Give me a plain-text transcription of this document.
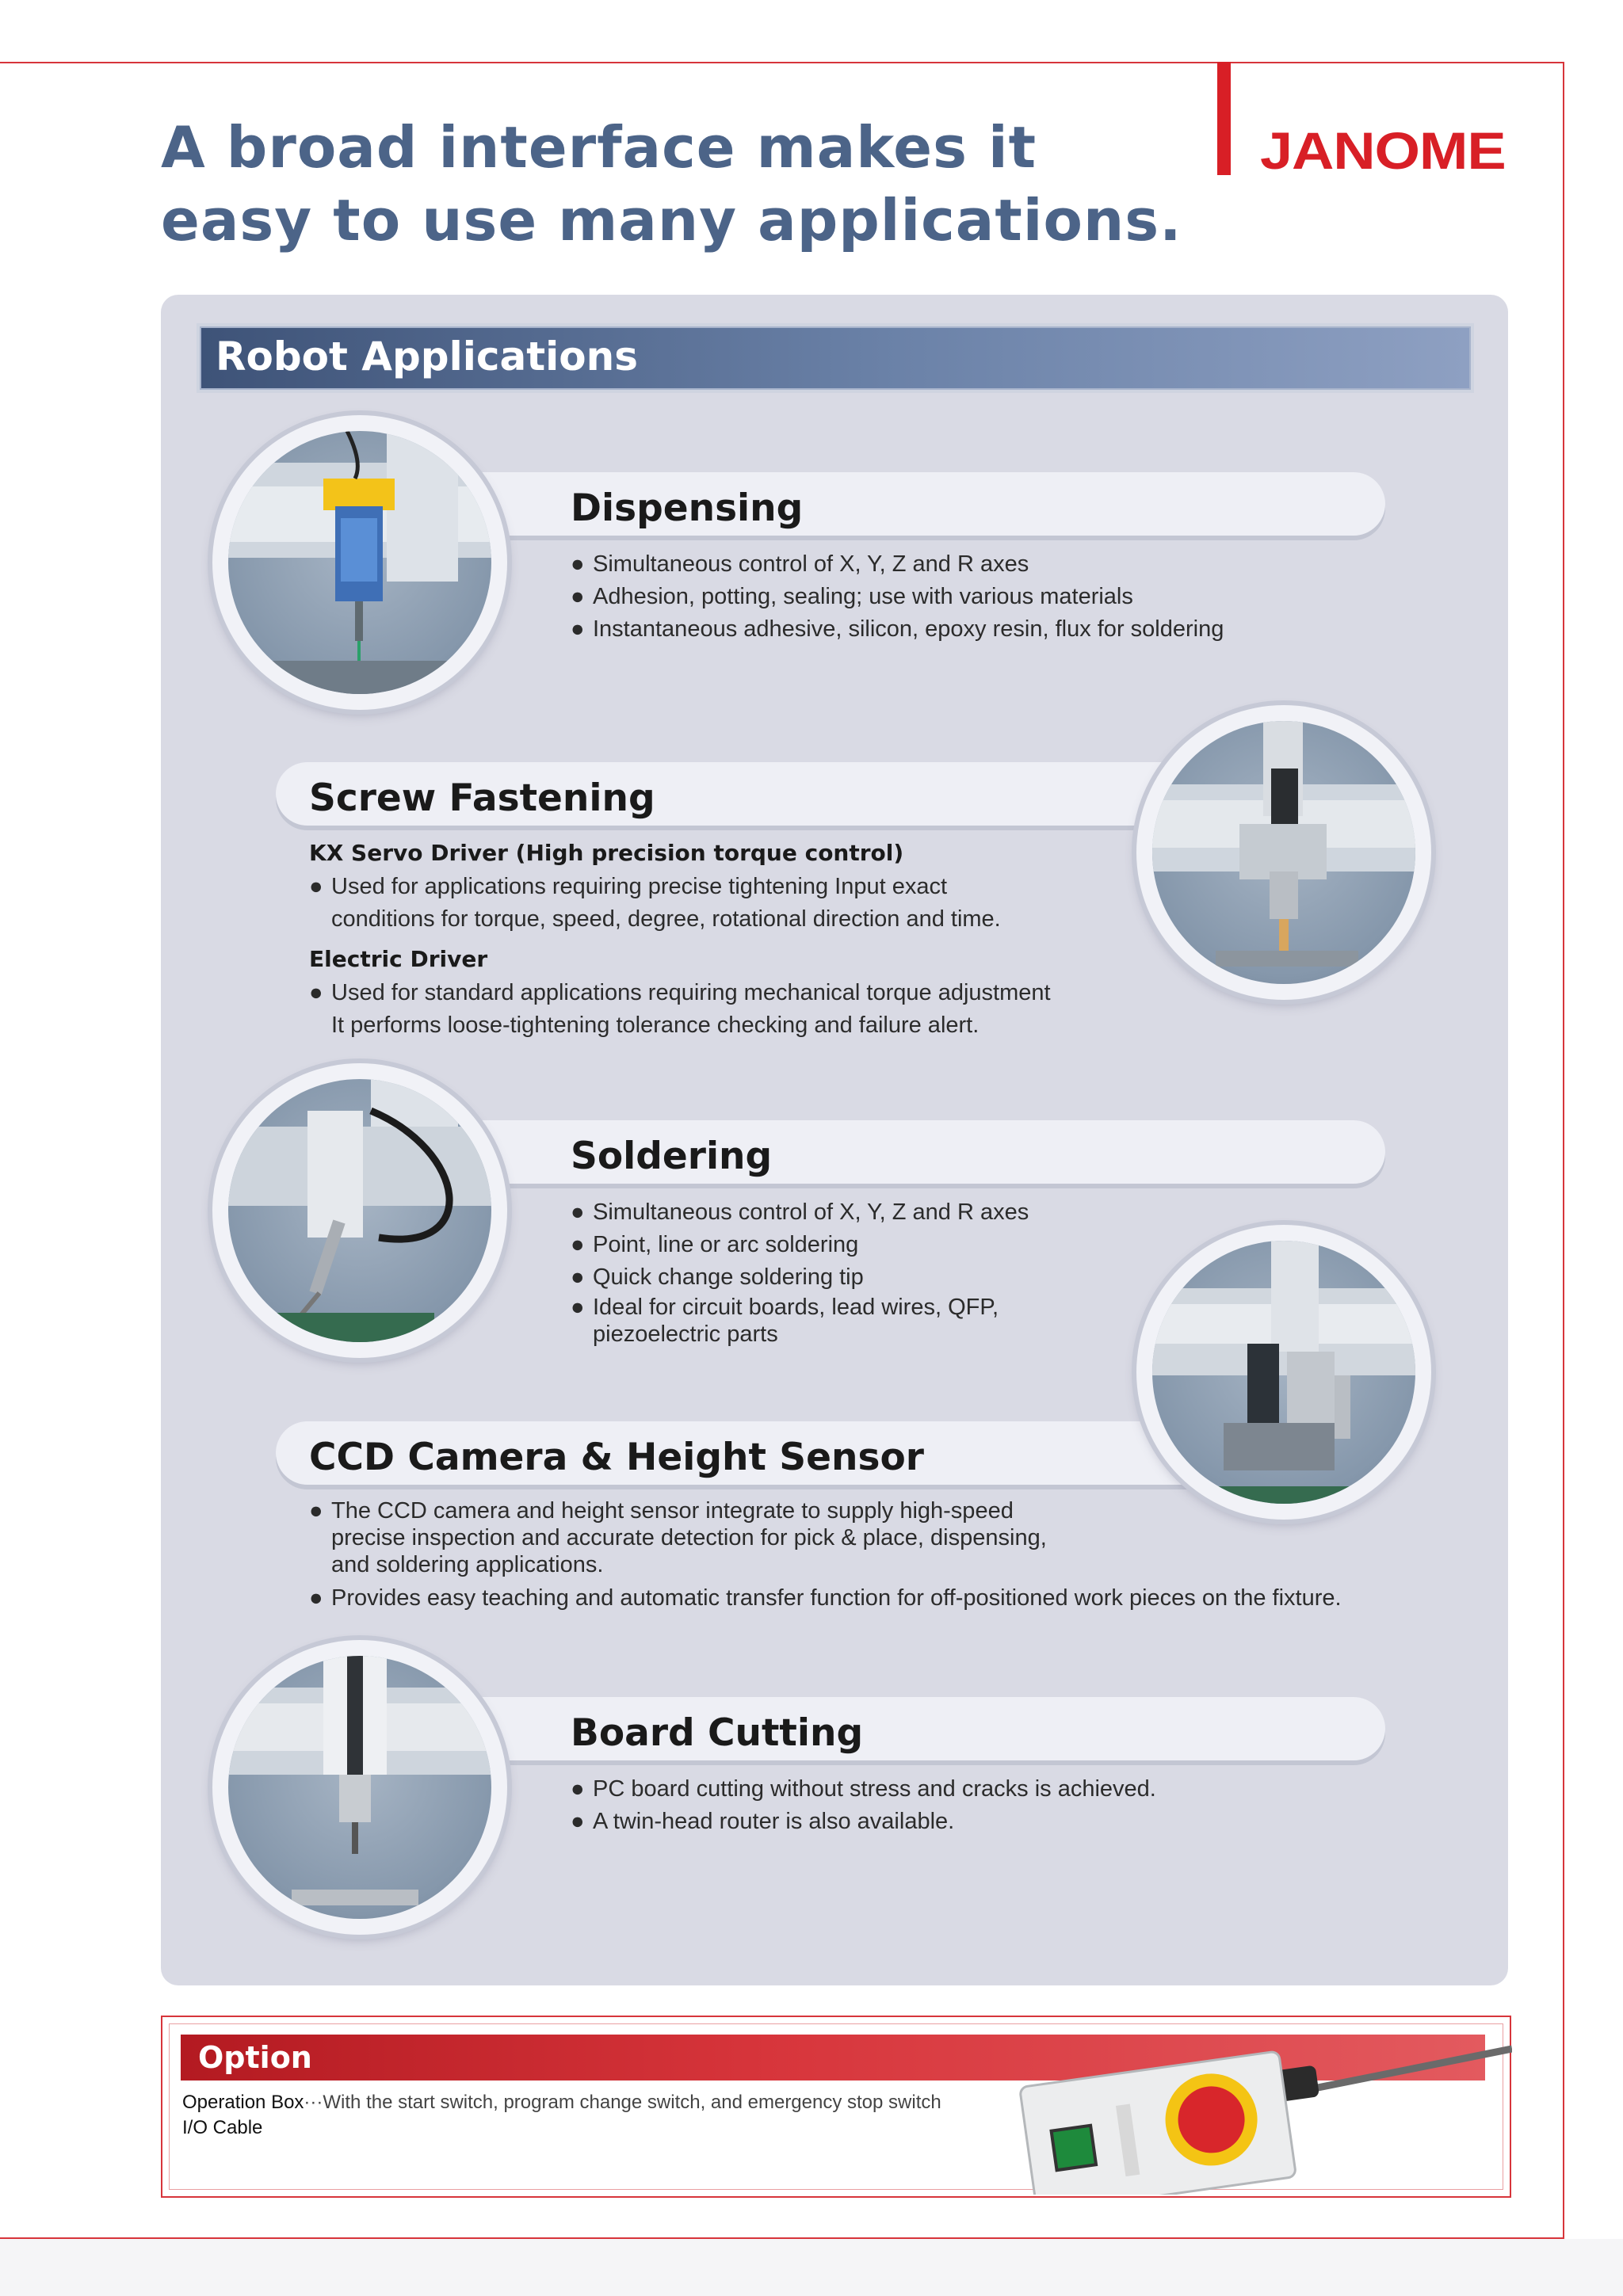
JANOME
A broad interface makes it
easy to use many applications.
Robot Applications
Dispensing
● Simultaneous control of X, Y, Z and R axes
● Adhesion, potting, sealing; use with various materials
● Instantaneous adhesive, silicon, epoxy resin, flux for soldering
Screw Fastening
KX Servo Driver (High precision torque control)
● Used for applications requiring precise tightening Input exact
conditions for torque, speed, degree, rotational direction and time.
Electric Driver
● Used for standard applications requiring mechanical torque adjustment
It performs loose-tightening tolerance checking and failure alert.
Soldering
● Simultaneous control of X, Y, Z and R axes
● Point, line or arc soldering
● Quick change soldering tip
● Ideal for circuit boards, lead wires, QFP,
piezoelectric parts
CCD Camera & Height Sensor
● The CCD camera and height sensor integrate to supply high-speed
precise inspection and accurate detection for pick & place, dispensing,
and soldering applications.
● Provides easy teaching and automatic transfer function for off-positioned work pieces on the fixture.
Board Cutting
● PC board cutting without stress and cracks is achieved.
● A twin-head router is also available.
Option
Operation Box···With the start switch, program change switch, and emergency stop switch
I/O Cable
